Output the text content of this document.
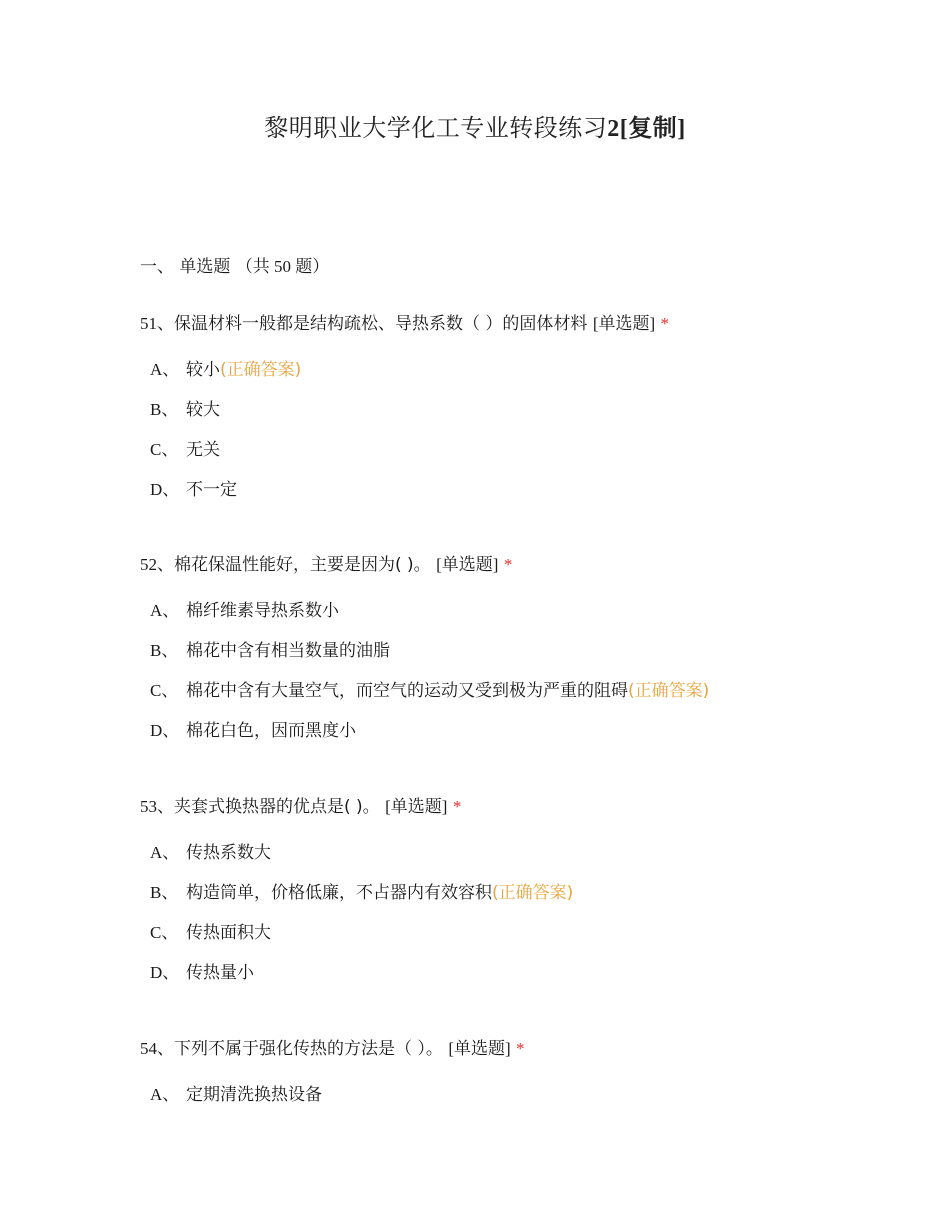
黎明职业大学化工专业转段练习2[复制]
一、 单选题 （共 50 题）
51、保温材料一般都是结构疏松、导热系数（ ）的固体材料 [单选题] *
A、 较小(正确答案)
B、 较大
C、 无关
D、 不一定
52、棉花保温性能好，主要是因为( )。 [单选题] *
A、 棉纤维素导热系数小
B、 棉花中含有相当数量的油脂
C、 棉花中含有大量空气，而空气的运动又受到极为严重的阻碍(正确答案)
D、 棉花白色，因而黑度小
53、夹套式换热器的优点是( )。 [单选题] *
A、 传热系数大
B、 构造筒单，价格低廉，不占器内有效容积(正确答案)
C、 传热面积大
D、 传热量小
54、下列不属于强化传热的方法是（ ）。 [单选题] *
A、 定期清洗换热设备
